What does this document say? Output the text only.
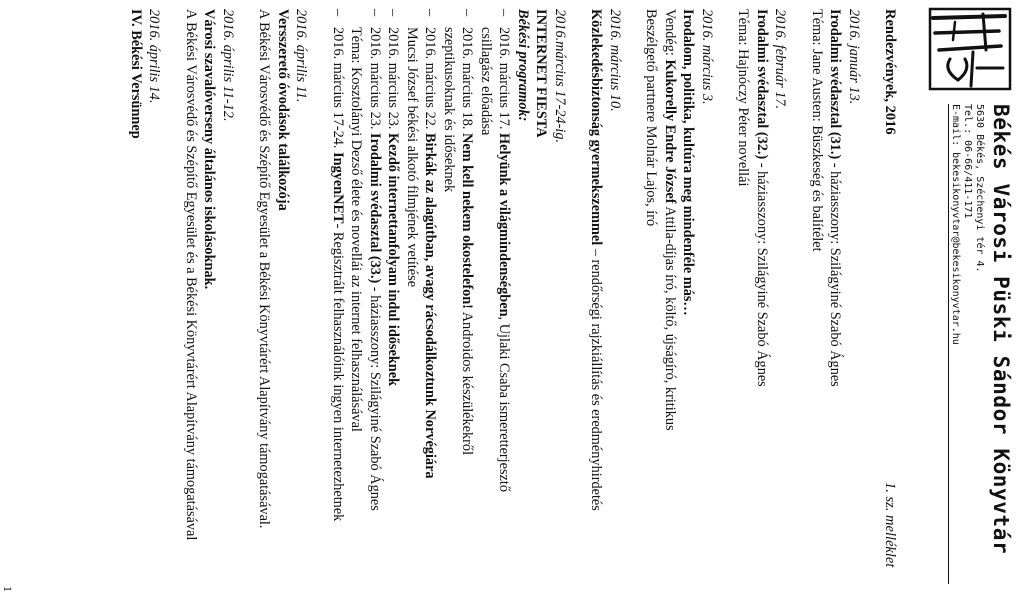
Békés Városi Püski Sándor Könyvtár
5630 Békés, Széchenyi tér 4.
Tel.: 06-66/411-171
E-mail: bekesikonyvtar@bekesikonyvtar.hu
Rendezvények, 2016
1. sz. melléklet
2016. január 13.
Irodalmi svédasztal (31.) - háziasszony: Szilágyiné Szabó Ágnes
Téma: Jane Austen: Büszkeség és balítélet
2016. február 17.
Irodalmi svédasztal (32.) - háziasszony: Szilágyiné Szabó Ágnes
Téma: Hajnóczy Péter novellái
2016. március 3.
Irodalom, politika, kultúra meg mindenféle más…
Vendég: Kukorelly Endre József Attila-díjas író, költő, újságíró, kritikus
Beszélgető partnere Molnár Lajos, író
2016. március 10.
Közlekedésbiztonság gyermekszemmel – rendőrségi rajzkiállítás és eredményhirdetés
2016.március 17-24-ig.
INTERNET FIESTA
Békési programok:
– 2016. március 17. Helyünk a világmindenségben, Ujlaki Csaba ismeretterjesztő
csillagász előadása
– 2016. március 18. Nem kell nekem okostelefon! Androidos készülékekről
szeptikusoknak és időseknek
– 2016. március 22. Birkák az alagútban, avagy rácsodálkoztunk Norvégiára
Mucsi József békési alkotó filmjének vetítése
– 2016. március 23. Kezdő internettanfolyam indul időseknek
– 2016. március 23. Irodalmi svédasztal (33.) - háziasszony: Szilágyiné Szabó Ágnes
Téma: Kosztolányi Dezső élete és novellái az internet felhasználásával
– 2016. március 17-24. IngyenNET- Regisztrált felhasználóink ingyen internetezhetnek
2016. április 11.
Versszerető óvodások találkozója
A Békési Városvédő és Szépítő Egyesület a Békési Könyvtárért Alapítvány támogatásával.
2016. április 11-12.
Városi szavalóverseny általános iskolásoknak.
A Békési Városvédő és Szépítő Egyesület és a Békési Könyvtárért Alapítvány támogatásával
2016. április 14.
IV. Békési Versünnep
1
